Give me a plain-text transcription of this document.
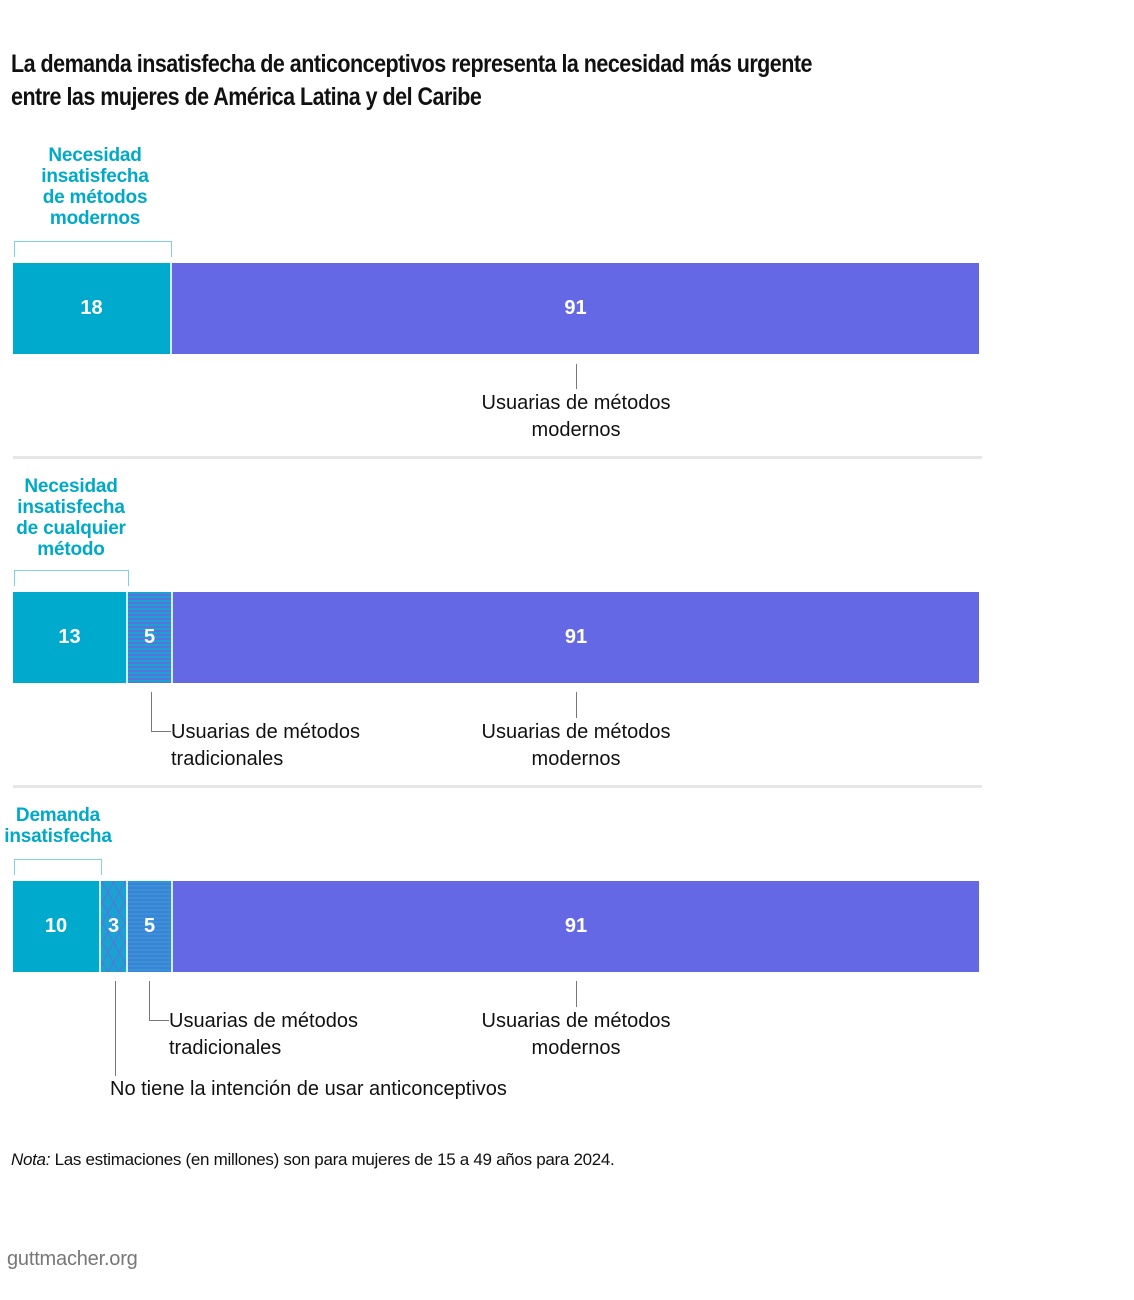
La demanda insatisfecha de anticonceptivos representa la necesidad más urgente entre las mujeres de América Latina y del Caribe
Necesidad insatisfecha de métodos modernos
18	91
Usuarias de métodos modernos
Necesidad insatisfecha de cualquier método
13	5	91
Usuarias de métodos tradicionales
Usuarias de métodos modernos
Demanda insatisfecha
10	3	5	91
No tiene la intención de usar anticonceptivos
Usuarias de métodos tradicionales
Usuarias de métodos modernos
Nota: Las estimaciones (en millones) son para mujeres de 15 a 49 años para 2024.
guttmacher.org
